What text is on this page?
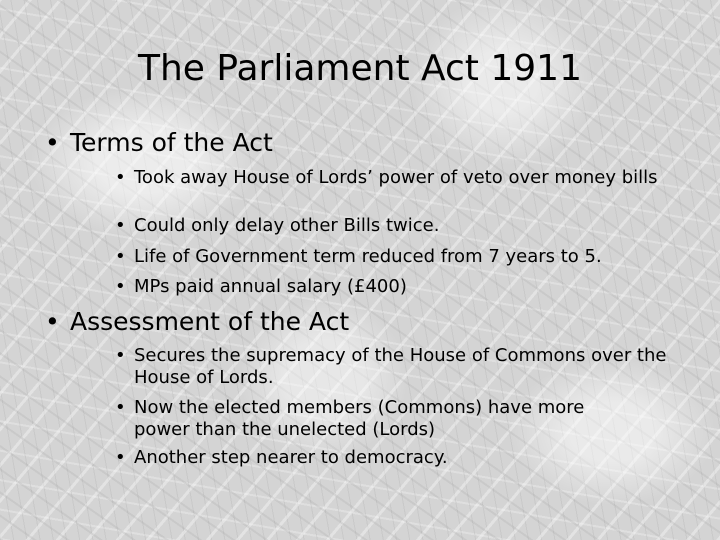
The Parliament Act 1911
• Terms of the Act
• Took away House of Lords’ power of veto over money bills
• Could only delay other Bills twice.
• Life of Government term reduced from 7 years to 5.
• MPs paid annual salary (£400)
• Assessment of the Act
• Secures the supremacy of the House of Commons over the House of Lords.
• Now the elected members (Commons) have more power than the unelected (Lords)
• Another step nearer to democracy.
